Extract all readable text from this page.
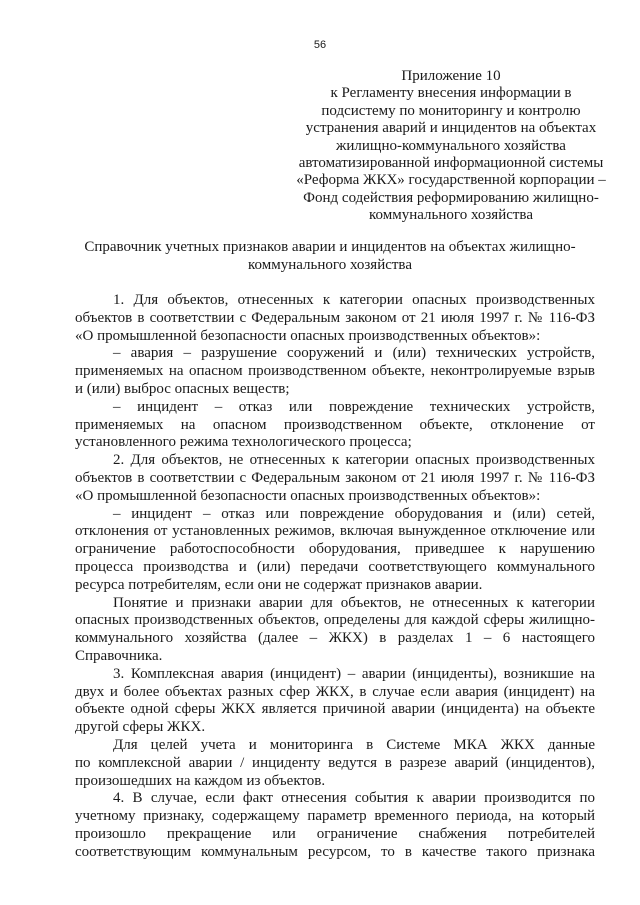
56
Приложение 10
к Регламенту внесения информации в
подсистему по мониторингу и контролю
устранения аварий и инцидентов на объектах
жилищно-коммунального хозяйства
автоматизированной информационной системы
«Реформа ЖКХ» государственной корпорации –
Фонд содействия реформированию жилищно-
коммунального хозяйства
Справочник учетных признаков аварии и инцидентов на объектах жилищно-
коммунального хозяйства
1. Для объектов, отнесенных к категории опасных производственных
объектов в соответствии с Федеральным законом от 21 июля 1997 г. № 116-ФЗ
«О промышленной безопасности опасных производственных объектов»:
– авария – разрушение сооружений и (или) технических устройств,
применяемых на опасном производственном объекте, неконтролируемые взрыв
и (или) выброс опасных веществ;
– инцидент – отказ или повреждение технических устройств,
применяемых на опасном производственном объекте, отклонение от
установленного режима технологического процесса;
2. Для объектов, не отнесенных к категории опасных производственных
объектов в соответствии с Федеральным законом от 21 июля 1997 г. № 116-ФЗ
«О промышленной безопасности опасных производственных объектов»:
– инцидент – отказ или повреждение оборудования и (или) сетей,
отклонения от установленных режимов, включая вынужденное отключение или
ограничение работоспособности оборудования, приведшее к нарушению
процесса производства и (или) передачи соответствующего коммунального
ресурса потребителям, если они не содержат признаков аварии.
Понятие и признаки аварии для объектов, не отнесенных к категории
опасных производственных объектов, определены для каждой сферы жилищно-
коммунального хозяйства (далее – ЖКХ) в разделах 1 – 6 настоящего
Справочника.
3. Комплексная авария (инцидент) – аварии (инциденты), возникшие на
двух и более объектах разных сфер ЖКХ, в случае если авария (инцидент) на
объекте одной сферы ЖКХ является причиной аварии (инцидента) на объекте
другой сферы ЖКХ.
Для целей учета и мониторинга в Системе МКА ЖКХ данные
по комплексной аварии / инциденту ведутся в разрезе аварий (инцидентов),
произошедших на каждом из объектов.
4. В случае, если факт отнесения события к аварии производится по
учетному признаку, содержащему параметр временного периода, на который
произошло прекращение или ограничение снабжения потребителей
соответствующим коммунальным ресурсом, то в качестве такого признака
